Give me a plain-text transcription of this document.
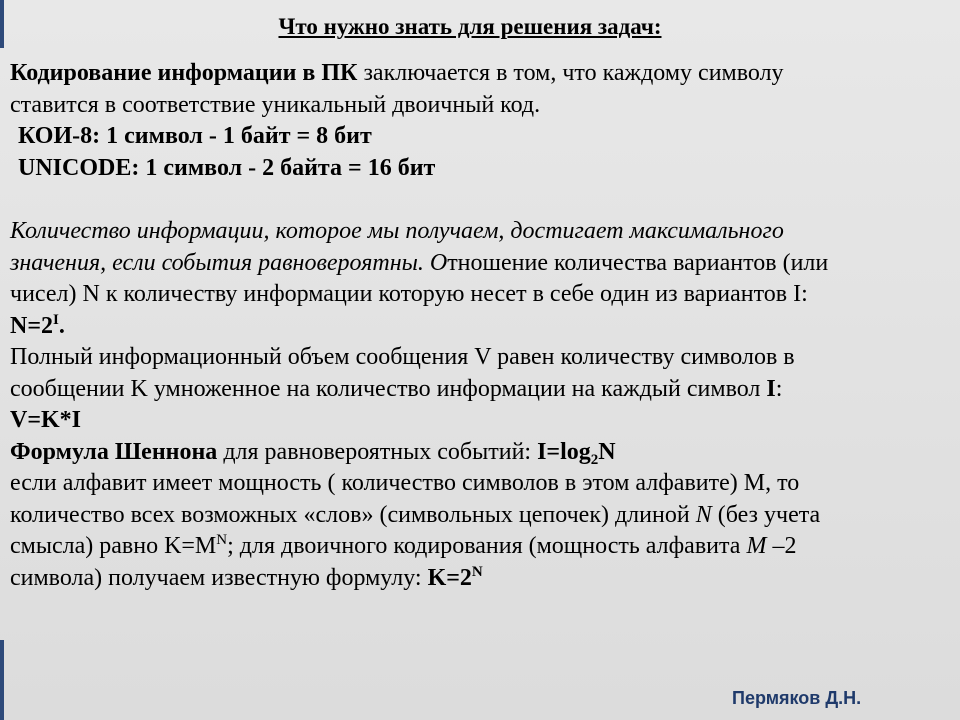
Что нужно знать для решения задач:
Кодирование информации в ПК заключается в том, что каждому символу
ставится в соответствие уникальный двоичный код.
КОИ-8: 1 символ - 1 байт = 8 бит
UNICODE: 1 символ - 2 байта = 16 бит
Количество информации, которое мы получаем, достигает максимального
значения, если события равновероятны. Отношение количества вариантов (или
чисел) N к количеству информации которую несет в себе один из вариантов I:
$N=2^I$.
Полный информационный объем сообщения V равен количеству символов в
сообщении K умноженное на количество информации на каждый символ I:
V=K*I
Формула Шеннона для равновероятных событий: $I=\log_2N$
если алфавит имеет мощность ( количество символов в этом алфавите) M, то
количество всех возможных «слов» (символьных цепочек) длиной N (без учета
смысла) равно $K=M^N$; для двоичного кодирования (мощность алфавита M –2
символа) получаем известную формулу: $K=2^N$
Пермяков Д.Н.
